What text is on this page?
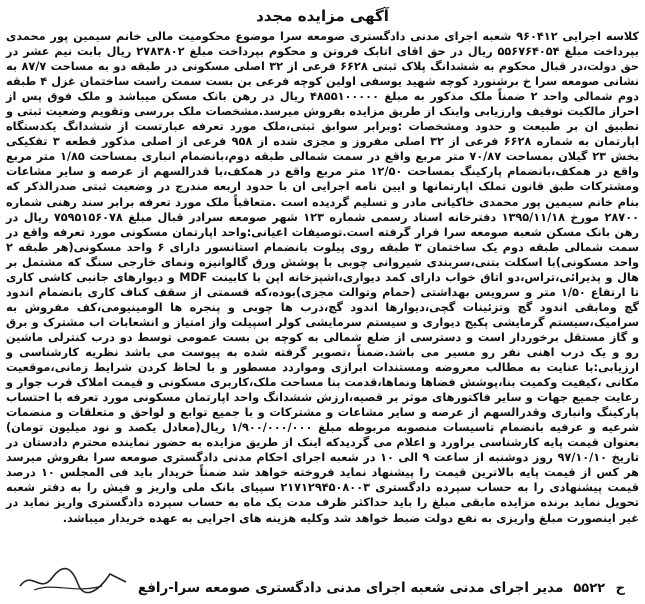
آگهی مزایده مجدد

کلاسه اجرایی ۹۶۰۴۱۲ شعبه اجرای مدنی دادگستری صومعه سرا موضوع محکومیت مالی خانم سیمین پور محمدی بپرداخت مبلغ ۵۵۶۷۶۴۰۵۴ ریال در حق اقای اتابک فروتن و محکوم بپرداخت مبلغ ۲۷۸۳۸۰۲ ریال بابت نیم عشر در حق دولت،در قبال محکوم به ششدانگ پلاک ثبتی ۶۶۲۸ فرعی از ۳۲ اصلی مسکونی در طبقه دو به مساحت ۸۷/۷ به نشانی صومعه سرا خ برشنورد کوچه شهید یوسفی اولین کوچه فرعی بن بست سمت راست ساختمان غزل ۴ طبقه دوم شمالی واحد ۲ ضمناً ملک مذکور به مبلغ ۴۸۵۵۱۰۰۰۰۰ ریال در رهن بانک مسکن میباشد و ملک فوق پس از احراز مالکیت توقیف وارزیابی واینک از طریق مزایده بفروش میرسد.مشخصات ملک بررسی وتقویم وضعیت ثبتی و تطبیق ان بر طبیعت و حدود ومشخصات :وبرابر سوابق ثبتی،ملک مورد تعرفه عبارتست از ششدانگ یکدستگاه اپارتمان به شماره ۶۶۲۸ فرعی از ۳۲ اصلی مفروز و مجزی شده از ۹۵۸ فرعی از اصلی مذکور قطعه ۳ تفکیکی بخش ۲۳ گیلان بمساحت ۷۰/۸۷ متر مربع واقع در سمت شمالی طبقه دوم،بانضمام انباری بمساحت ۱/۸۵ متر مربع واقع در همکف،بانضمام پارکینگ بمساحت ۱۲/۵۰ متر مربع واقع در همکف،با قدرالسهم از عرصه و سایر مشاعات ومشترکات طبق قانون تملک اپارتمانها و ایین نامه اجرایی ان با حدود اربعه مندرج در وضعیت ثبتی صدرالذکر که بنام خانم سیمین پور محمدی خاکیانی مادر و تسلیم گردیده است .متعاقباً ملک مورد تعرفه برابر سند رهنی شماره ۲۸۷۰۰ مورخ ۱۳۹۵/۱۱/۱۸ دفترخانه اسناد رسمی شماره ۱۲۳ شهر صومعه سرادر قبال مبلغ ۷۵۹۵۱۵۶۰۷۸ ریال در رهن بانک مسکن شعبه صومعه سرا قرار گرفته است.توصیفات اعیانی:واحد اپارتمان مسکونی مورد تعرفه واقع در سمت شمالی طبقه دوم یک ساختمان ۳ طبقه روی پیلوت بانضمام استانسور دارای ۶ واحد مسکونی(هر طبقه ۲ واحد مسکونی)با اسکلت بتنی،سربندی شیروانی چوبی با پوشش ورق گالوانیزه ونمای خارجی سنگ که مشتمل بر هال و پذیرائی،تراس،دو اتاق خواب دارای کمد دیواری،اشپزخانه اپن با کابینت MDF و دیوارهای جانبی کاشی کاری تا ارتفاع ۱/۵۰ متر و سرویس بهداشتی (حمام وتوالت مجزی)بوده،که قسمتی از سقف کناف کاری بانضمام اندود گچ ومابقی اندود گچ وتزئینات گچی،دیوارها اندود گچ،درب ها چوبی و پنجره ها الومینیومی،کف مفروش به سرامیک،سیستم گرمایشی پکیج دیواری و سیستم سرمایشی کولر اسپیلت واز امتیاز و انشعابات اب مشترک و برق و گاز مستقل برخوردار است و دسترسی از ضلع شمالی به کوچه بن بست عمومی توسط دو درب کنترلی ماشین رو و یک درب اهنی نفر رو مسیر می باشد.ضمناً ،تصویر گرفته شده به پیوست می باشد نظریه کارشناسی و ارزیابی:با عنایت به مطالب معروضه ومستندات ابرازی ومواردد مسطور و با لحاظ کردن شرایط زمانی،موقعیت مکانی ،کیفیت وکمیت بنا،پوشش فضاها ونماها،قدمت بنا مساحت ملک،کاربری مسکونی و قیمت املاک قرب جوار و رعایت جمیع جهات و سایر فاکتورهای موثر بر قصیه،ارزش ششدانگ واحد اپارتمان مسکونی مورد تعرفه با احتساب پارکینگ وانباری وقدرالسهم از عرصه و سایر مشاعات و مشترکات و با جمیع توابع و لواحق و متعلقات و منضمات شرعیه و عرفیه بانضمام تاسیسات منصوبه مربوطه مبلغ ۱/۹۰۰/۰۰۰/۰۰۰ ریال(معادل یکصد و نود میلیون تومان) بعنوان قیمت پایه کارشناسی براورد و اعلام می گردیدکه اینک از طریق مزایده به حضور نماینده محترم دادستان در تاریخ ۹۷/۱۰/۱۰ روز دوشنبه از ساعت ۹ الی ۱۰ در شعبه اجرای احکام مدنی دادگستری صومعه سرا بفروش میرسد هر کس از قیمت پایه بالاترین قیمت را پیشنهاد نماید فروخته خواهد شد ضمناً خریدار باید فی المجلس ۱۰ درصد قیمت پیشنهادی را به حساب سپرده دادگستری ۲۱۷۱۲۹۴۵۰۸۰۰۳ سپیای بانک ملی واریز و فیش را به دفتر شعبه تحویل نماید برنده مزایده مابقی مبلغ را باید حداکثر ظرف مدت یک ماه به حساب سپرده دادگستری واریز نماید در غیر اینصورت مبلغ واریزی به نفع دولت ضبط خواهد شد وکلیه هزینه های اجرایی به عهده خریدار میباشد.

ح ۵۵۲۲
مدیر اجرای مدنی شعبه اجرای مدنی دادگستری صومعه سرا-رافع
